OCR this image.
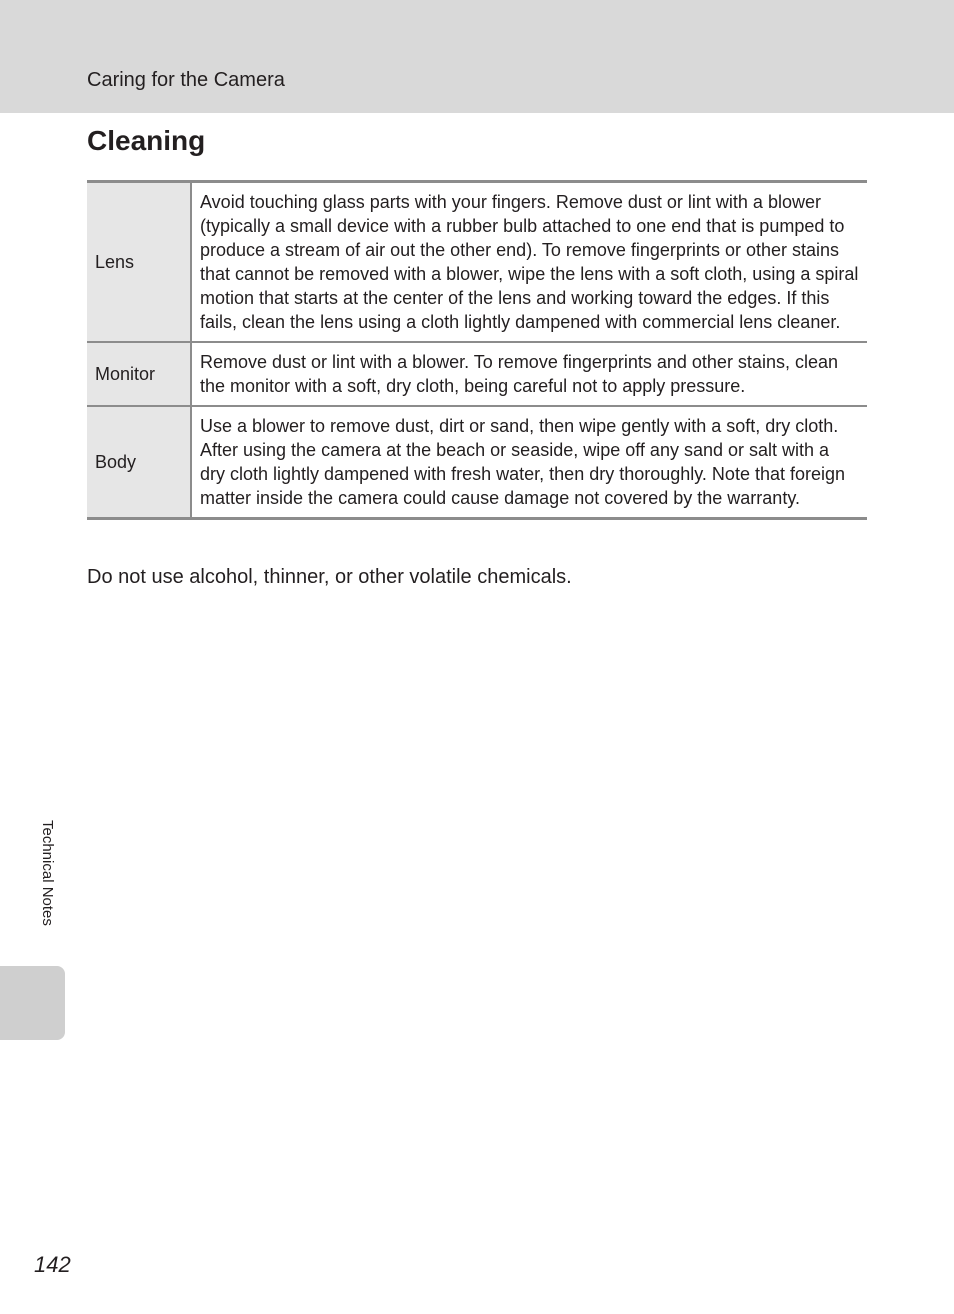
Caring for the Camera
Cleaning
Lens	Avoid touching glass parts with your fingers. Remove dust or lint with a blower (typically a small device with a rubber bulb attached to one end that is pumped to produce a stream of air out the other end). To remove fingerprints or other stains that cannot be removed with a blower, wipe the lens with a soft cloth, using a spiral motion that starts at the center of the lens and working toward the edges. If this fails, clean the lens using a cloth lightly dampened with commercial lens cleaner.
Monitor	Remove dust or lint with a blower. To remove fingerprints and other stains, clean the monitor with a soft, dry cloth, being careful not to apply pressure.
Body	Use a blower to remove dust, dirt or sand, then wipe gently with a soft, dry cloth. After using the camera at the beach or seaside, wipe off any sand or salt with a dry cloth lightly dampened with fresh water, then dry thoroughly. Note that foreign matter inside the camera could cause damage not covered by the warranty.
Do not use alcohol, thinner, or other volatile chemicals.
Technical Notes
142
